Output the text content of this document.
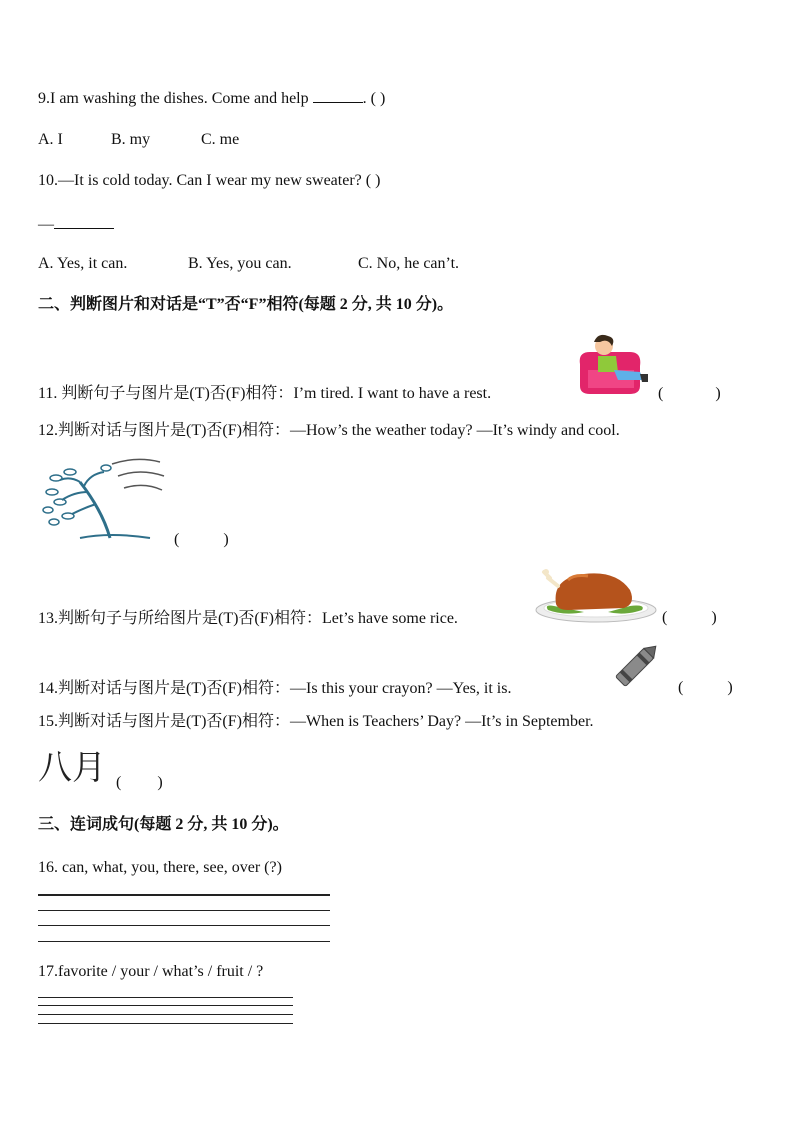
9.I am washing the dishes. Come and help	. ( )
A. I	B. my	C. me
10.—It is cold today. Can I wear my new sweater? ( )
—
A. Yes, it can.	B. Yes, you can.	C. No, he can’t.
二、判断图片和对话是“T”否“F”相符(每题 2 分, 共 10 分)。
11. 判断句子与图片是(T)否(F)相符：I’m tired. I want to have a rest.	(             )
12.判断对话与图片是(T)否(F)相符：—How’s the weather today? —It’s windy and cool.
(           )
13.判断句子与所给图片是(T)否(F)相符：Let’s have some rice.	(           )
14.判断对话与图片是(T)否(F)相符：—Is this your crayon? —Yes, it is.	(           )
15.判断对话与图片是(T)否(F)相符：—When is Teachers’ Day? —It’s in September.
八月 (         )
三、连词成句(每题 2 分, 共 10 分)。
16. can, what, you, there, see, over (?)
17.favorite / your / what’s / fruit / ?
